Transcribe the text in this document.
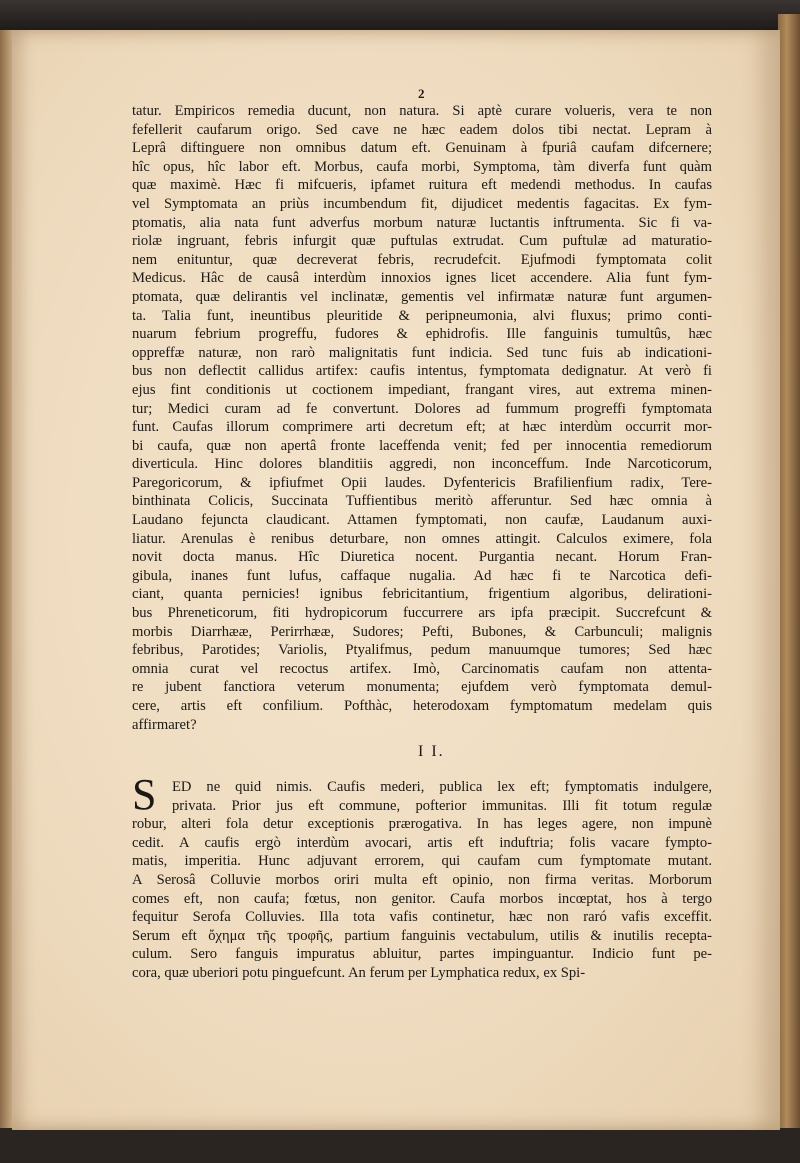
2
tatur. Empiricos remedia ducunt, non natura. Si aptè curare volueris, vera te non
fefellerit caufarum origo. Sed cave ne hæc eadem dolos tibi nectat. Lepram à
Leprâ diftinguere non omnibus datum eft. Genuinam à fpuriâ caufam difcernere;
hîc opus, hîc labor eft. Morbus, caufa morbi, Symptoma, tàm diverfa funt quàm
quæ maximè. Hæc fi mifcueris, ipfamet ruitura eft medendi methodus. In caufas
vel Symptomata an priùs incumbendum fit, dijudicet medentis fagacitas. Ex fym-
ptomatis, alia nata funt adverfus morbum naturæ luctantis inftrumenta. Sic fi va-
riolæ ingruant, febris infurgit quæ puftulas extrudat. Cum puftulæ ad maturatio-
nem enituntur, quæ decreverat febris, recrudefcit. Ejufmodi fymptomata colit
Medicus. Hâc de causâ interdùm innoxios ignes licet accendere. Alia funt fym-
ptomata, quæ delirantis vel inclinatæ, gementis vel infirmatæ naturæ funt argumen-
ta. Talia funt, ineuntibus pleuritide & peripneumonia, alvi fluxus; primo conti-
nuarum febrium progreffu, fudores & ephidrofis. Ille fanguinis tumultûs, hæc
oppreffæ naturæ, non rarò malignitatis funt indicia. Sed tunc fuis ab indicationi-
bus non deflectit callidus artifex: caufis intentus, fymptomata dedignatur. At verò fi
ejus fint conditionis ut coctionem impediant, frangant vires, aut extrema minen-
tur; Medici curam ad fe convertunt. Dolores ad fummum progreffi fymptomata
funt. Caufas illorum comprimere arti decretum eft; at hæc interdùm occurrit mor-
bi caufa, quæ non apertâ fronte laceffenda venit; fed per innocentia remediorum
diverticula. Hinc dolores blanditiis aggredi, non inconceffum. Inde Narcoticorum,
Paregoricorum, & ipfiufmet Opii laudes. Dyfentericis Brafilienfium radix, Tere-
binthinata Colicis, Succinata Tuffientibus meritò afferuntur. Sed hæc omnia à
Laudano fejuncta claudicant. Attamen fymptomati, non caufæ, Laudanum auxi-
liatur. Arenulas è renibus deturbare, non omnes attingit. Calculos eximere, fola
novit docta manus. Hîc Diuretica nocent. Purgantia necant. Horum Fran-
gibula, inanes funt lufus, caffaque nugalia. Ad hæc fi te Narcotica defi-
ciant, quanta pernicies! ignibus febricitantium, frigentium algoribus, delirationi-
bus Phreneticorum, fiti hydropicorum fuccurrere ars ipfa præcipit. Succrefcunt &
morbis Diarrhææ, Perirrhææ, Sudores; Pefti, Bubones, & Carbunculi; malignis
febribus, Parotides; Variolis, Ptyalifmus, pedum manuumque tumores; Sed hæc
omnia curat vel recoctus artifex. Imò, Carcinomatis caufam non attenta-
re jubent fanctiora veterum monumenta; ejufdem verò fymptomata demul-
cere, artis eft confilium. Pofthàc, heterodoxam fymptomatum medelam quis
affirmaret?
I I.
S	ED ne quid nimis. Caufis mederi, publica lex eft; fymptomatis indulgere,
privata. Prior jus eft commune, pofterior immunitas. Illi fit totum regulæ
robur, alteri fola detur exceptionis prærogativa. In has leges agere, non impunè
cedit. A caufis ergò interdùm avocari, artis eft induftria; folis vacare fympto-
matis, imperitia. Hunc adjuvant errorem, qui caufam cum fymptomate mutant.
A Serosâ Colluvie morbos oriri multa eft opinio, non firma veritas. Morborum
comes eft, non caufa; fœtus, non genitor. Caufa morbos incœptat, hos à tergo
fequitur Serofa Colluvies. Illa tota vafis continetur, hæc non raró vafis exceffit.
Serum eft ὄχημα τῆς τροφῆς, partium fanguinis vectabulum, utilis & inutilis recepta-
culum. Sero fanguis impuratus abluitur, partes impinguantur. Indicio funt pe-
cora, quæ uberiori potu pinguefcunt. An ferum per Lymphatica redux, ex Spi-
